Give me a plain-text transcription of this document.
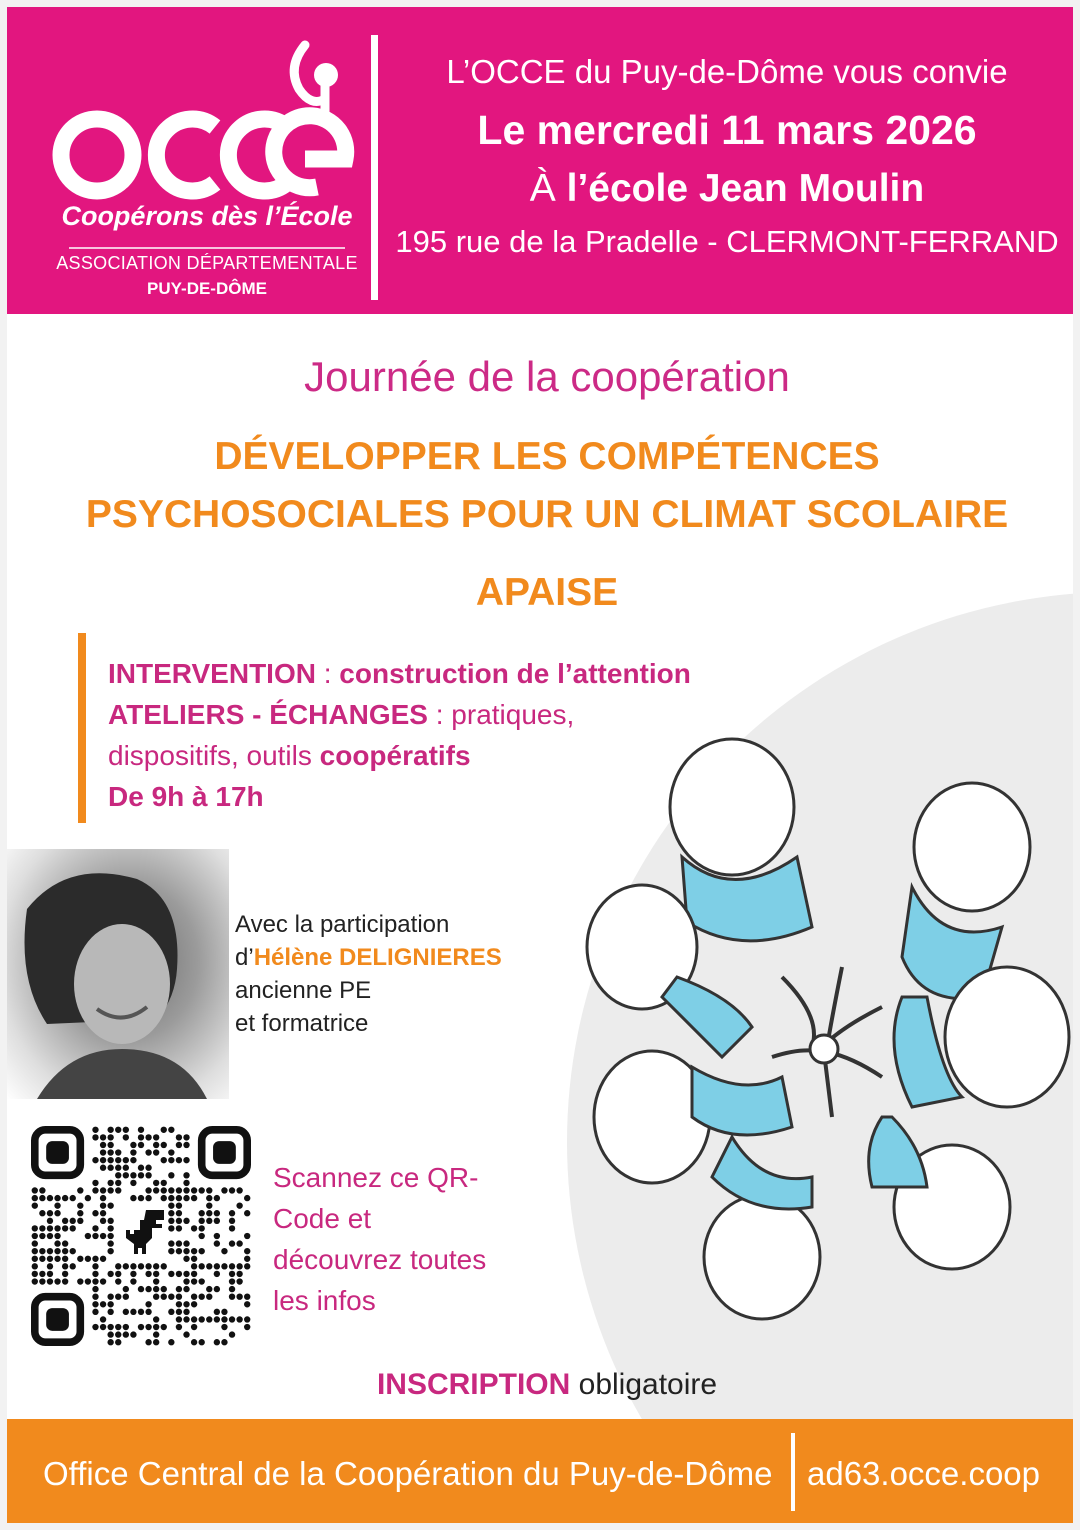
Coopérons dès l’École
ASSOCIATION DÉPARTEMENTALE
PUY-DE-DÔME
L’OCCE du Puy-de-Dôme vous convie
Le mercredi 11 mars 2026
À l’école Jean Moulin
195 rue de la Pradelle - CLERMONT-FERRAND
Journée de la coopération
DÉVELOPPER LES COMPÉTENCES
PSYCHOSOCIALES POUR UN CLIMAT SCOLAIRE
APAISE
INTERVENTION : construction de l’attention
ATELIERS - ÉCHANGES : pratiques,
dispositifs, outils coopératifs
De 9h à 17h
Avec la participation
d’Hélène DELIGNIERES
ancienne PE
et formatrice
Scannez ce QR-
Code et
découvrez toutes
les infos
INSCRIPTION obligatoire
Office Central de la Coopération du Puy-de-Dôme ad63.occe.coop
